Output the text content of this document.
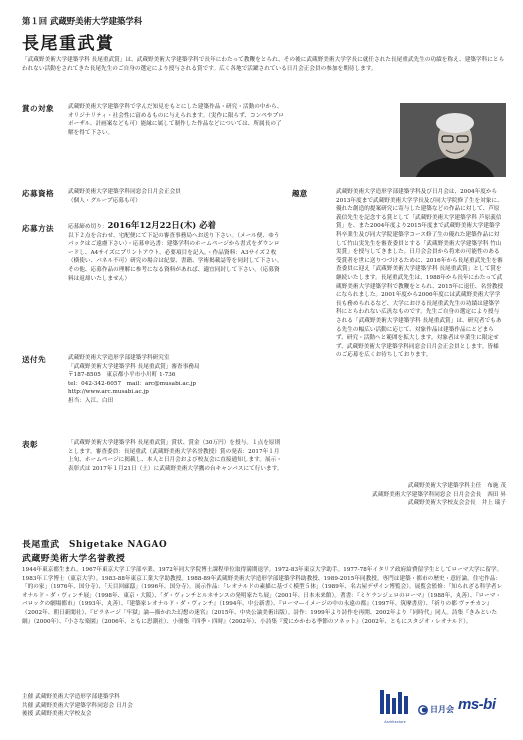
第１回 武蔵野美術大学建築学科
長尾重武賞
「武蔵野美術大学建築学科 長尾重武賞」は、武蔵野美術大学建築学科で長年にわたって教鞭をとられ、その後に武蔵野美術大学学長に就任された長尾重武先生の功績を称え、建築学科にとらわれない活動をされてきた長尾先生のご自身の選定により授与される賞です。広く各地で活躍されている日月会正会員の参加を期待します。
賞の対象	武蔵野美術大学建築学科で学んだ知見をもとにした建築作品・研究・活動の中から、オリジナリティ・社会性に富めるものに与えられます。（実作に限らず、コンペやプロポーザル、計画案なども可）能縁に属して制作した作品などについては、所属長の了解を得て下さい。
応募資格	武蔵野美術大学建築学科同窓会日月会正会員

（個人・グループ応募も可）

応募方法	応募締め切り：2016年12月22日(木) 必着

以下２点を合わせ、宅配便にて下記の審査事務局へお送り下さい。（メール便、ゆうパックはご遠慮下さい）・応募申込書：建築学科のホームページから書式をダウンロードし、A4サイズにプリントアウト、必要項目を記入。・作品資料：A3サイズ２枚（横使い、パネル不可）研究の場合は紀要、書籍、学術掲載誌等を同封して下さい。その他、応募作品の理解に参考になる資料があれば、適宜同封して下さい。（応募資料は返却いたしません）

送付先	武蔵野美術大学造形学部建築学科研究室

「武蔵野美術大学建築学科 長尾重武賞」審査事務局

〒187-8505　東京都小平市小川町 1-736

tel：042-342-6057　mail：arc@musabi.ac.jp

http://www.arc.musabi.ac.jp

担当：入江、白田

表彰	「武蔵野美術大学建築学科 長尾重武賞」賞状、賞金（30万円）を授与。１点を原則とします。審査委員：長尾重武（武蔵野美術大学名誉教授）賞の発表：2017年１月上旬、ホームページに掲載し、本人と日月会および校友会に直接通知します。展示・表彰式は 2017年１月21日（土）に武蔵野美術大学鷹の台キャンパスにて行います。
趣意	武蔵野美術大学造形学部建築学科及び日月会は、2004年度から2013年度まで武蔵野美術大学学長及び同大学院修了生を対象に、優れた創造的提案研究に寄与した建築などの作品に対して、芦原義信先生を記念する賞として「武蔵野美術大学建築学科 芦原義信賞」を、また2004年度より2015年度まで武蔵野美術大学建築学科卒業生及び同大学院建築学コース修了生の優れた建築作品に対して竹山実先生を審査委員とする「武蔵野美術大学建築学科 竹山実賞」を授与してきました。日月会会員から将来の可能性のある受賞者を世に送りつづけるために、2016年から長尾重武先生を審査委員に迎え「武蔵野美術大学建築学科 長尾重武賞」として賞を継続いたします。長尾重武先生は、1988年から長年にわたって武蔵野美術大学建築学科で教鞭をとられ、2015年に退任、名誉教授になられました。2001年度から2006年度には武蔵野美術大学学長も務められるなど、大学における長尾重武先生の功績は建築学科にとらわれない広汎なものです。先生ご自身の選定により授与される「武蔵野美術大学建築学科 長尾重武賞」は、研究者でもある先生の幅広い活動に応じて、対象作品は建築作品にとどまらず、研究・活動へと範囲を拡大します。対象者は卒業生に限定せず、武蔵野美術大学建築学科同窓会日月会正会員とします。皆様のご応募を広くお待ちしております。
武蔵野美術大学建築学科主任 布施 茂
武蔵野美術大学建築学科同窓会 日月会会長 西田 昇
武蔵野美術大学校友会会長 井上 瑞子
長尾重武　Shigetake NAGAO
武蔵野美術大学名誉教授
1944年東京都生まれ。1967年東京大学工学部卒業、1972年同大学院博士課程単位取得満期退学。1972-83年東京大学助手。1977-78年イタリア政府給費留学生としてローマ大学に留学。1983年工学博士（東京大学）。1983-88年東京工業大学助教授。1988-89年武蔵野美術大学造形学部建築学科助教授、1989-2015年同教授。専門は建築・都市の歴史・意匠論。住宅作品：「的の家」（1976年、国分寺）、「天目回廊邸」（1996年、国分寺）。展示作品：「レオナルドの素描に基づく模型５体」（1989年、名古屋デザイン博覧会）。展覧会監修：「知られざる科学者レオナルド・ダ・ヴィンチ展」（1998年、東京・大阪）、「ダ・ヴィンチとルネサンスの発明家たち展」（2001年、日本未来館）。著書：『ミケランジェロのローマ』（1988年、丸善）、『ローマ・バロックの劇場都市』（1993年、丸善）、『建築家レオナルド・ダ・ヴィンチ』（1994年、中公新書）、『ローマ—イメージの中の永遠の都』（1997年、筑摩書房）、『祈りの都 ヴァチカン』（2002年、朝日新聞社）、『ピラネージ「牢獄」論—描かれた幻想の迷宮』（2015年、中央公論美術出版）。詩作：1999年より詩作を再開、2002年より「同時代」同人。詩集『きみといた網』（2000年）、『小さな楽園』（2006年、ともに思潮社）、小冊集『四季・四時』（2002年）、小詩集『愛にかかわる季節のソネット』（2002年、ともにスタジオ・レオナルド）。

主催 武蔵野美術大学造形学部建築学科

共催 武蔵野美術大学建築学科同窓会 日月会

後援 武蔵野美術大学校友会

Architecture
日月会 ms-bi
